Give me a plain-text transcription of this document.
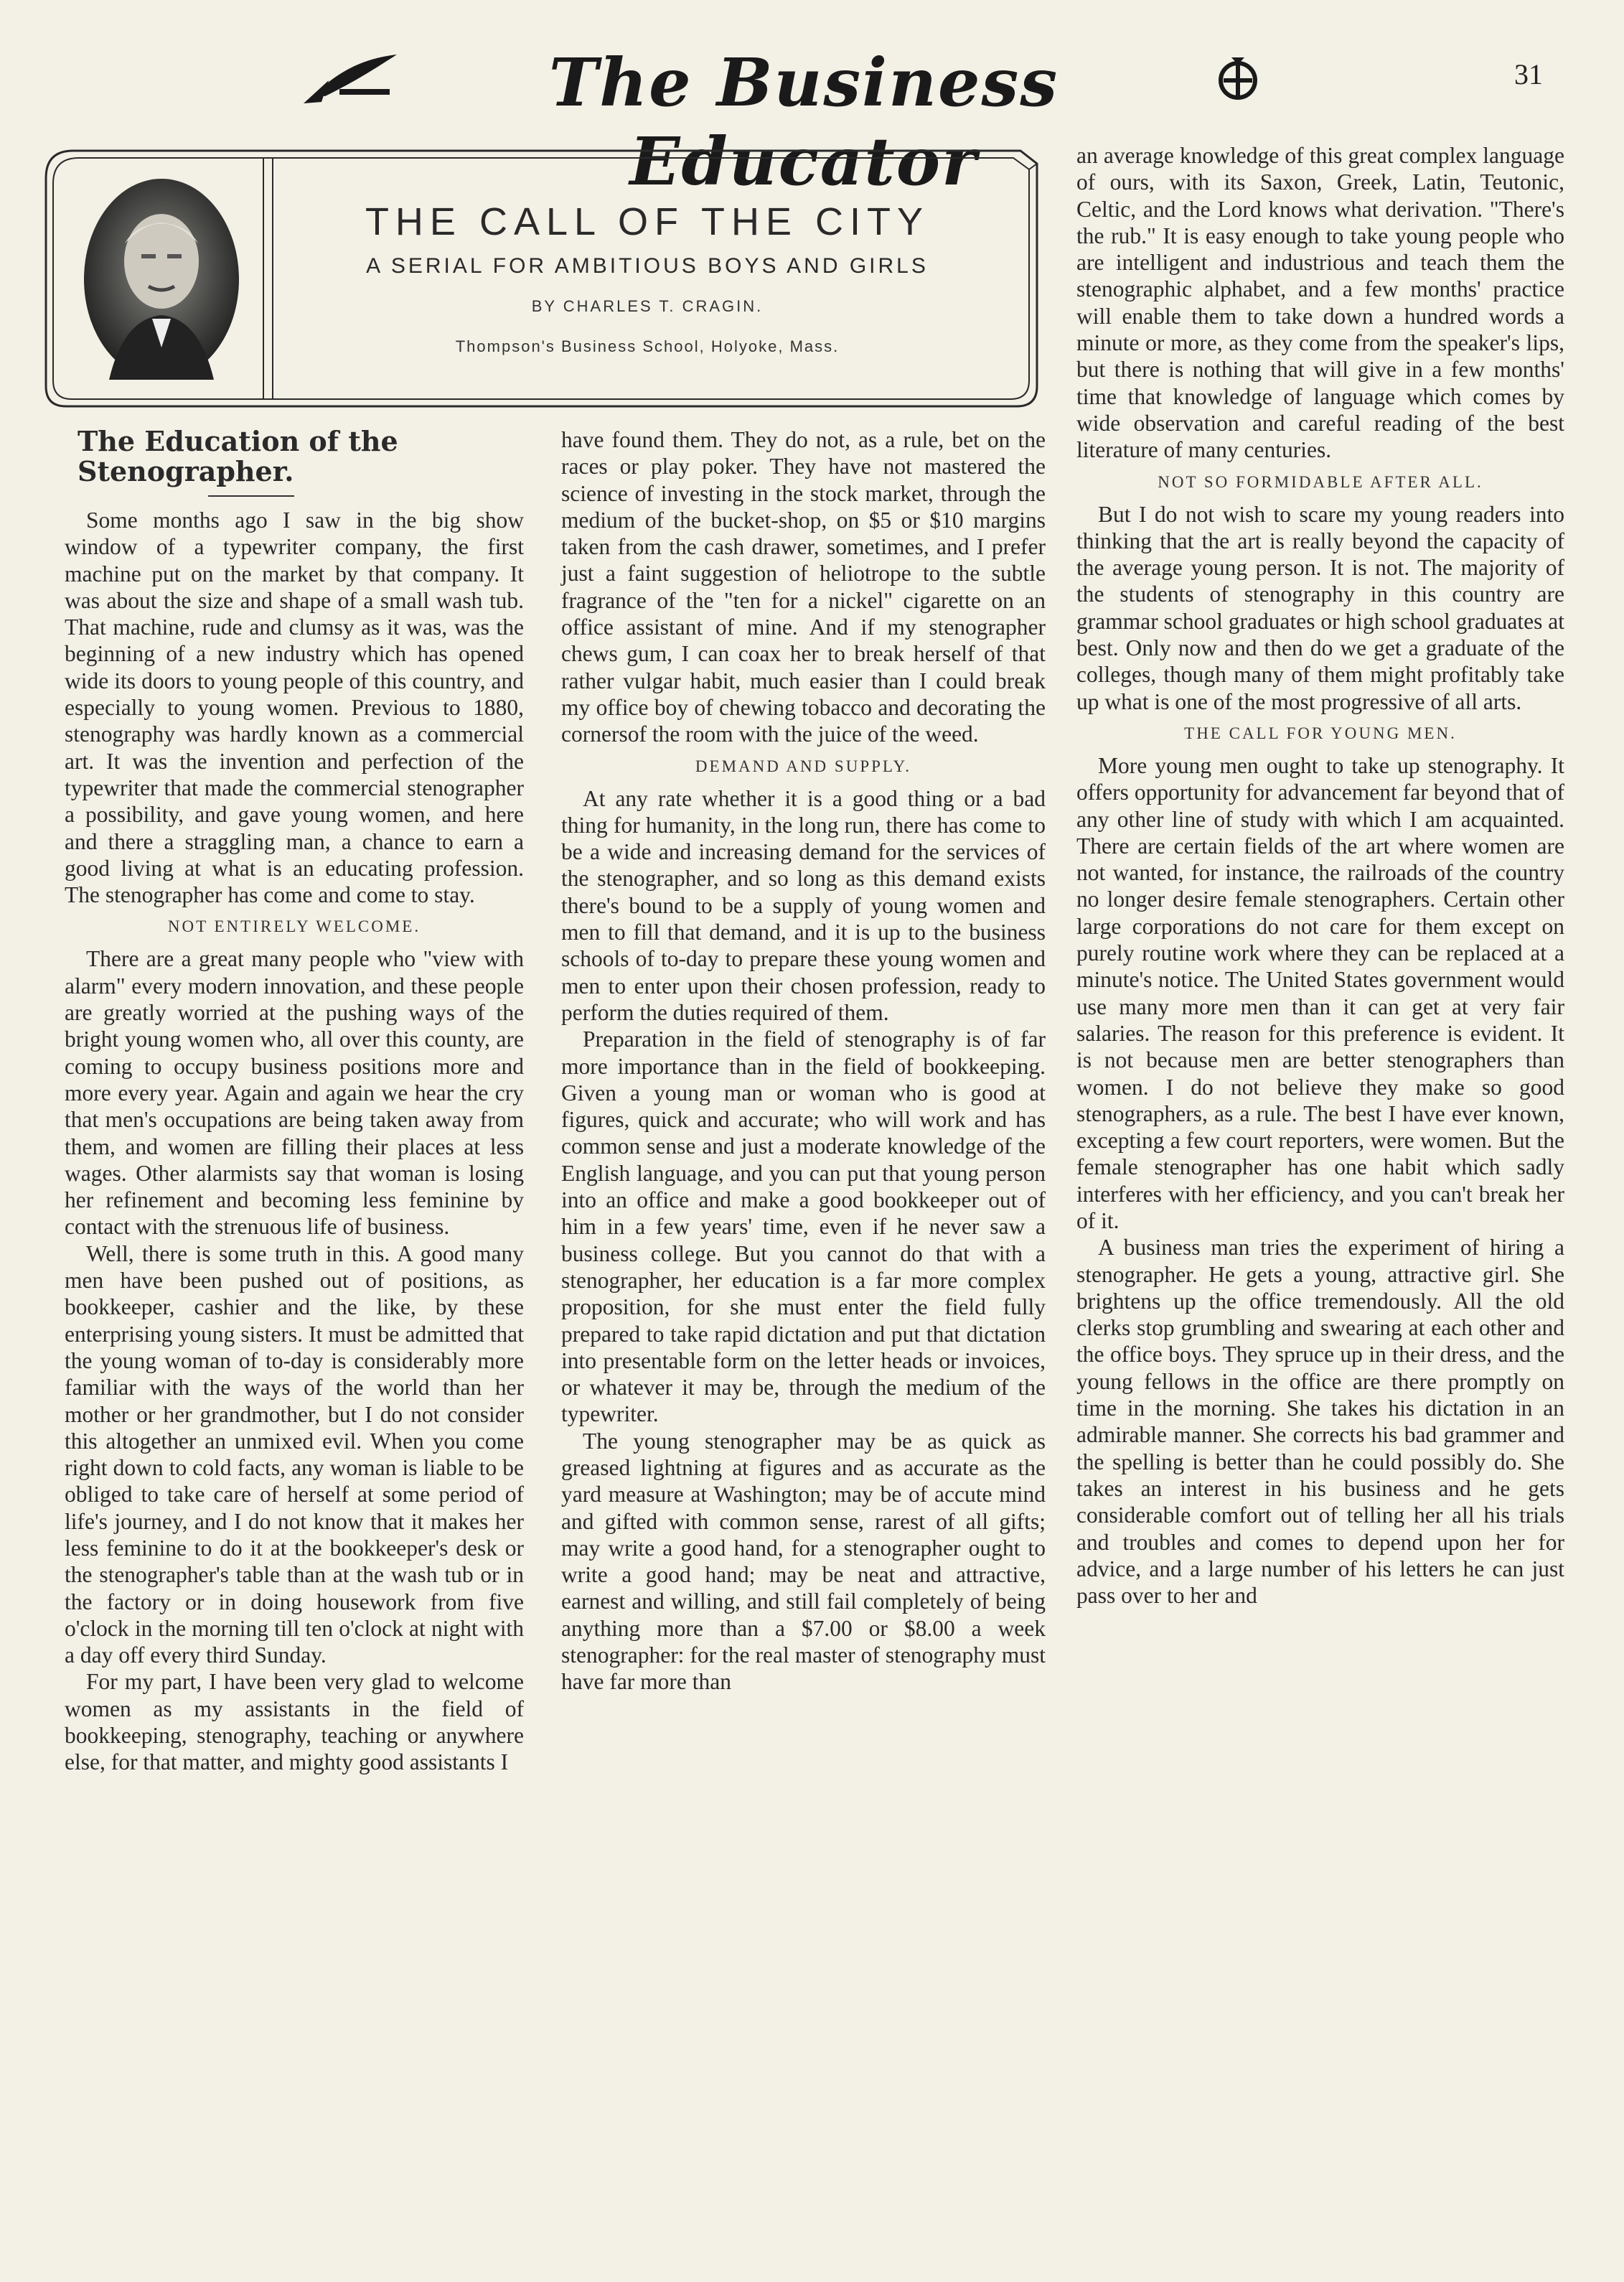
The Business Educator
31
THE CALL OF THE CITY
A SERIAL FOR AMBITIOUS BOYS AND GIRLS
BY CHARLES T. CRAGIN.
Thompson's Business School, Holyoke, Mass.
The Education of the Stenographer.

Some months ago I saw in the big show window of a typewriter company, the first machine put on the market by that company. It was about the size and shape of a small wash tub. That machine, rude and clumsy as it was, was the beginning of a new industry which has opened wide its doors to young people of this country, and especially to young women. Previous to 1880, stenography was hardly known as a commercial art. It was the invention and perfection of the typewriter that made the commercial stenographer a possibility, and gave young women, and here and there a straggling man, a chance to earn a good living at what is an educating profession. The stenographer has come and come to stay.

NOT ENTIRELY WELCOME.

There are a great many people who "view with alarm" every modern innovation, and these people are greatly worried at the pushing ways of the bright young women who, all over this county, are coming to occupy business positions more and more every year. Again and again we hear the cry that men's occupations are being taken away from them, and women are filling their places at less wages. Other alarmists say that woman is losing her refinement and becoming less feminine by contact with the strenuous life of business.

Well, there is some truth in this. A good many men have been pushed out of positions, as bookkeeper, cashier and the like, by these enterprising young sisters. It must be admitted that the young woman of to-day is considerably more familiar with the ways of the world than her mother or her grandmother, but I do not consider this altogether an unmixed evil. When you come right down to cold facts, any woman is liable to be obliged to take care of herself at some period of life's journey, and I do not know that it makes her less feminine to do it at the bookkeeper's desk or the stenographer's table than at the wash tub or in the factory or in doing housework from five o'clock in the morning till ten o'clock at night with a day off every third Sunday.

For my part, I have been very glad to welcome women as my assistants in the field of bookkeeping, stenography, teaching or anywhere else, for that matter, and mighty good assistants I

have found them. They do not, as a rule, bet on the races or play poker. They have not mastered the science of investing in the stock market, through the medium of the bucket-shop, on $5 or $10 margins taken from the cash drawer, sometimes, and I prefer just a faint suggestion of heliotrope to the subtle fragrance of the "ten for a nickel" cigarette on an office assistant of mine. And if my stenographer chews gum, I can coax her to break herself of that rather vulgar habit, much easier than I could break my office boy of chewing tobacco and decorating the cornersof the room with the juice of the weed.

DEMAND AND SUPPLY.

At any rate whether it is a good thing or a bad thing for humanity, in the long run, there has come to be a wide and increasing demand for the services of the stenographer, and so long as this demand exists there's bound to be a supply of young women and men to fill that demand, and it is up to the business schools of to-day to prepare these young women and men to enter upon their chosen profession, ready to perform the duties required of them.

Preparation in the field of stenography is of far more importance than in the field of bookkeeping. Given a young man or woman who is good at figures, quick and accurate; who will work and has common sense and just a moderate knowledge of the English language, and you can put that young person into an office and make a good bookkeeper out of him in a few years' time, even if he never saw a business college. But you cannot do that with a stenographer, her education is a far more complex proposition, for she must enter the field fully prepared to take rapid dictation and put that dictation into presentable form on the letter heads or invoices, or whatever it may be, through the medium of the typewriter.

The young stenographer may be as quick as greased lightning at figures and as accurate as the yard measure at Washington; may be of accute mind and gifted with common sense, rarest of all gifts; may write a good hand, for a stenographer ought to write a good hand; may be neat and attractive, earnest and willing, and still fail completely of being anything more than a $7.00 or $8.00 a week stenographer: for the real master of stenography must have far more than

an average knowledge of this great complex language of ours, with its Saxon, Greek, Latin, Teutonic, Celtic, and the Lord knows what derivation. "There's the rub." It is easy enough to take young people who are intelligent and industrious and teach them the stenographic alphabet, and a few months' practice will enable them to take down a hundred words a minute or more, as they come from the speaker's lips, but there is nothing that will give in a few months' time that knowledge of language which comes by wide observation and careful reading of the best literature of many centuries.

NOT SO FORMIDABLE AFTER ALL.

But I do not wish to scare my young readers into thinking that the art is really beyond the capacity of the average young person. It is not. The majority of the students of stenography in this country are grammar school graduates or high school graduates at best. Only now and then do we get a graduate of the colleges, though many of them might profitably take up what is one of the most progressive of all arts.

THE CALL FOR YOUNG MEN.

More young men ought to take up stenography. It offers opportunity for advancement far beyond that of any other line of study with which I am acquainted. There are certain fields of the art where women are not wanted, for instance, the railroads of the country no longer desire female stenographers. Certain other large corporations do not care for them except on purely routine work where they can be replaced at a minute's notice. The United States government would use many more men than it can get at very fair salaries. The reason for this preference is evident. It is not because men are better stenographers than women. I do not believe they make so good stenographers, as a rule. The best I have ever known, excepting a few court reporters, were women. But the female stenographer has one habit which sadly interferes with her efficiency, and you can't break her of it.

A business man tries the experiment of hiring a stenographer. He gets a young, attractive girl. She brightens up the office tremendously. All the old clerks stop grumbling and swearing at each other and the office boys. They spruce up in their dress, and the young fellows in the office are there promptly on time in the morning. She takes his dictation in an admirable manner. She corrects his bad grammer and the spelling is better than he could possibly do. She takes an interest in his business and he gets considerable comfort out of telling her all his trials and troubles and comes to depend upon her for advice, and a large number of his letters he can just pass over to her and
